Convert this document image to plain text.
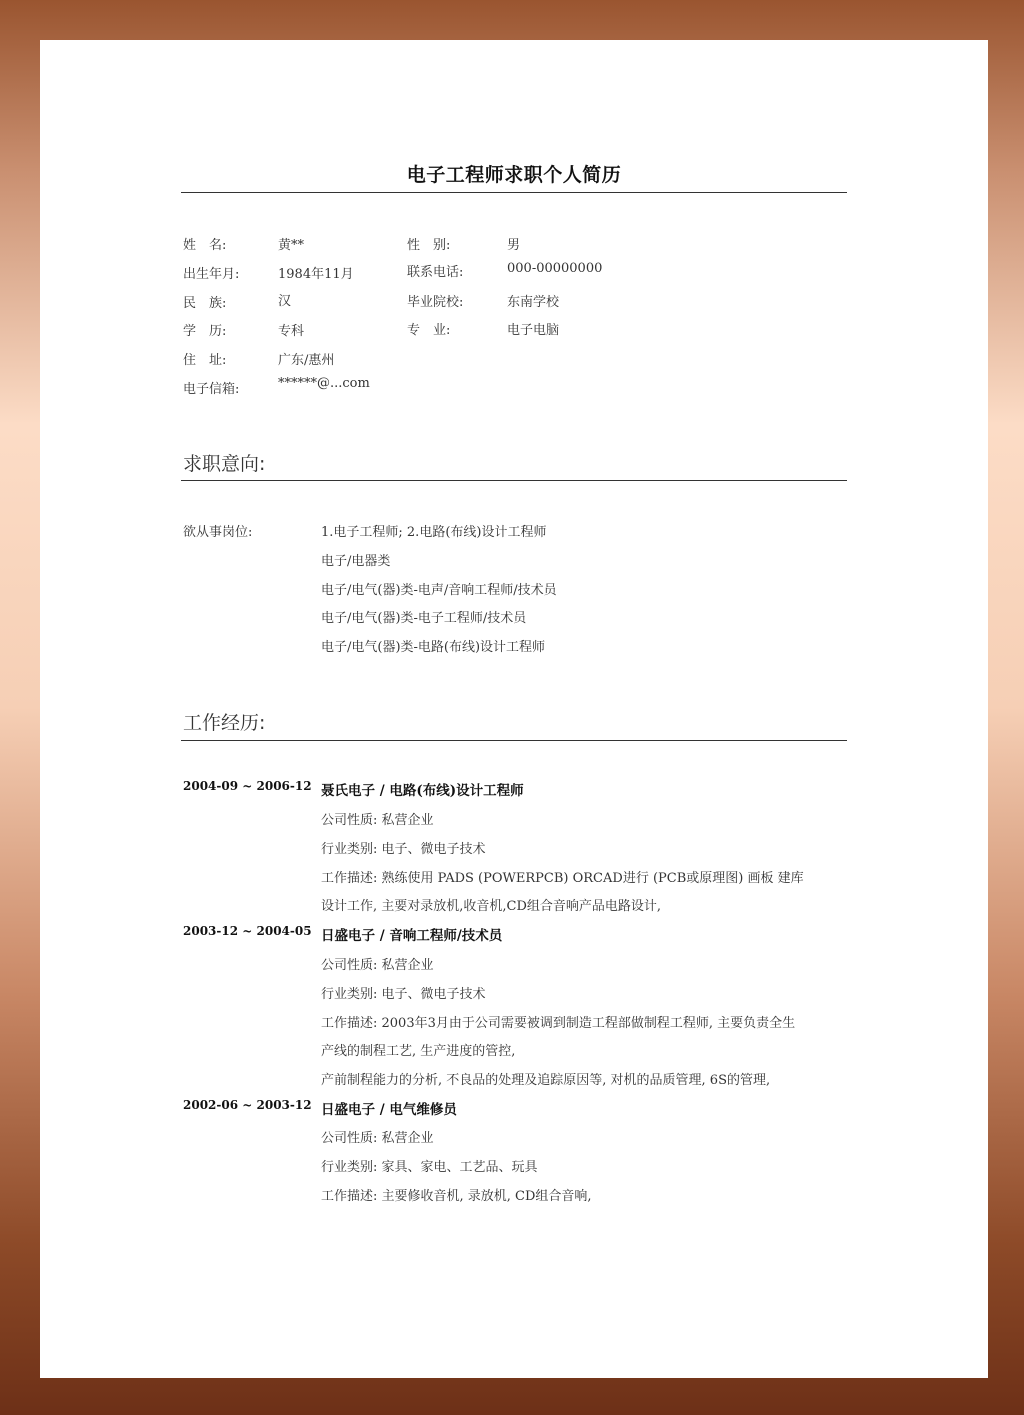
电子工程师求职个人简历
姓　名:	黄**	性　别:	男
出生年月:	1984年11月	联系电话:	000-00000000
民　族:	汉	毕业院校:	东南学校
学　历:	专科	专　业:	电子电脑
住　址:	广东/惠州
电子信箱:	******@...com
求职意向:
欲从事岗位:	1.电子工程师; 2.电路(布线)设计工程师
电子/电器类
电子/电气(器)类-电声/音响工程师/技术员
电子/电气(器)类-电子工程师/技术员
电子/电气(器)类-电路(布线)设计工程师
工作经历:
2004-09 ~ 2006-12 聂氏电子 / 电路(布线)设计工程师
公司性质: 私营企业
行业类别: 电子、微电子技术
工作描述: 熟练使用 PADS (POWERPCB) ORCAD进行 (PCB或原理图) 画板 建库
设计工作, 主要对录放机,收音机,CD组合音响产品电路设计,
2003-12 ~ 2004-05 日盛电子 / 音响工程师/技术员
公司性质: 私营企业
行业类别: 电子、微电子技术
工作描述: 2003年3月由于公司需要被调到制造工程部做制程工程师, 主要负责全生
产线的制程工艺, 生产进度的管控,
产前制程能力的分析, 不良品的处理及追踪原因等, 对机的品质管理, 6S的管理,
2002-06 ~ 2003-12 日盛电子 / 电气维修员
公司性质: 私营企业
行业类别: 家具、家电、工艺品、玩具
工作描述: 主要修收音机, 录放机, CD组合音响,
